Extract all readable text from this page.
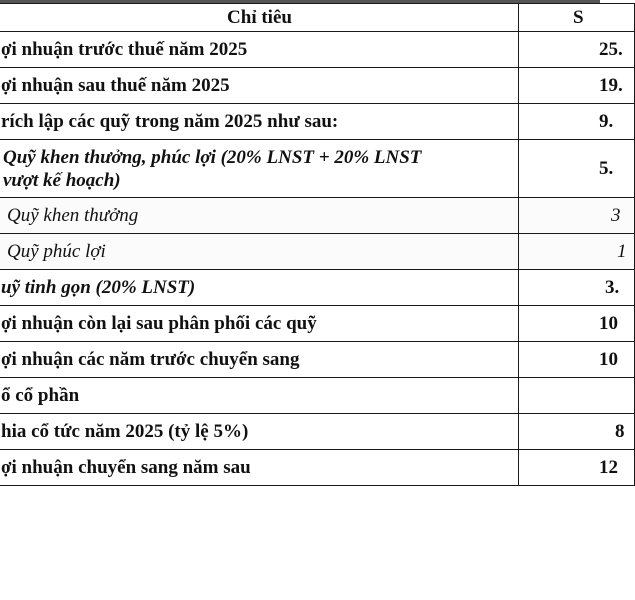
Chỉ tiêu	S
ợi nhuận trước thuế năm 2025	25.
ợi nhuận sau thuế năm 2025	19.
rích lập các quỹ trong năm 2025 như sau:	9.
Quỹ khen thưởng, phúc lợi (20% LNST + 20% LNST vượt kế hoạch)	5.
Quỹ khen thưởng	3
Quỹ phúc lợi	1
uỹ tinh gọn (20% LNST)	3.
ợi nhuận còn lại sau phân phối các quỹ	10
ợi nhuận các năm trước chuyển sang	10
ổ cổ phần	
hia cổ tức năm 2025 (tỷ lệ 5%)	8
ợi nhuận chuyển sang năm sau	12
